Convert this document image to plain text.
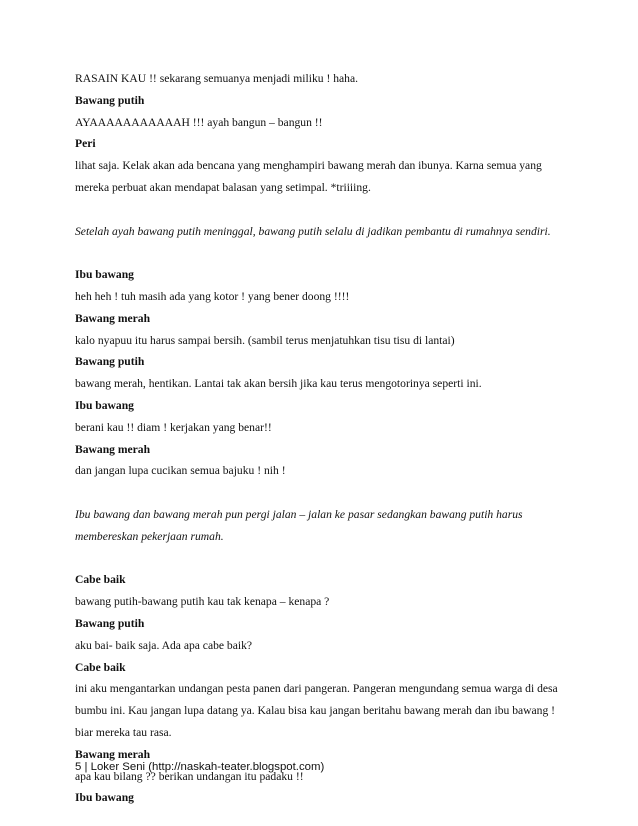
RASAIN KAU !! sekarang semuanya menjadi miliku ! haha.

Bawang putih

AYAAAAAAAAAAAH !!! ayah bangun – bangun !!

Peri

lihat saja. Kelak akan ada bencana yang menghampiri bawang merah dan ibunya. Karna semua yang

mereka perbuat akan mendapat balasan yang setimpal. *triiiing.

Setelah ayah bawang putih meninggal, bawang putih selalu di jadikan pembantu di rumahnya sendiri.

Ibu bawang

heh heh ! tuh masih ada yang kotor ! yang bener doong !!!!

Bawang merah

kalo nyapuu itu harus sampai bersih. (sambil terus menjatuhkan tisu tisu di lantai)

Bawang putih

bawang merah, hentikan. Lantai tak akan bersih jika kau terus mengotorinya seperti ini.

Ibu bawang

berani kau !! diam ! kerjakan yang benar!!

Bawang merah

dan jangan lupa cucikan semua bajuku ! nih !

Ibu bawang dan bawang merah pun pergi jalan – jalan ke pasar sedangkan bawang putih harus

membereskan pekerjaan rumah.

Cabe baik

bawang putih-bawang putih kau tak kenapa – kenapa ?

Bawang putih

aku bai- baik saja. Ada apa cabe baik?

Cabe baik

ini aku mengantarkan undangan pesta panen dari pangeran. Pangeran mengundang semua warga di desa

bumbu ini. Kau jangan lupa datang ya. Kalau bisa kau jangan beritahu bawang merah dan ibu bawang !

biar mereka tau rasa.

Bawang merah

apa kau bilang ?? berikan undangan itu padaku !!

Ibu bawang

5 | Loker Seni (http://naskah-teater.blogspot.com)
